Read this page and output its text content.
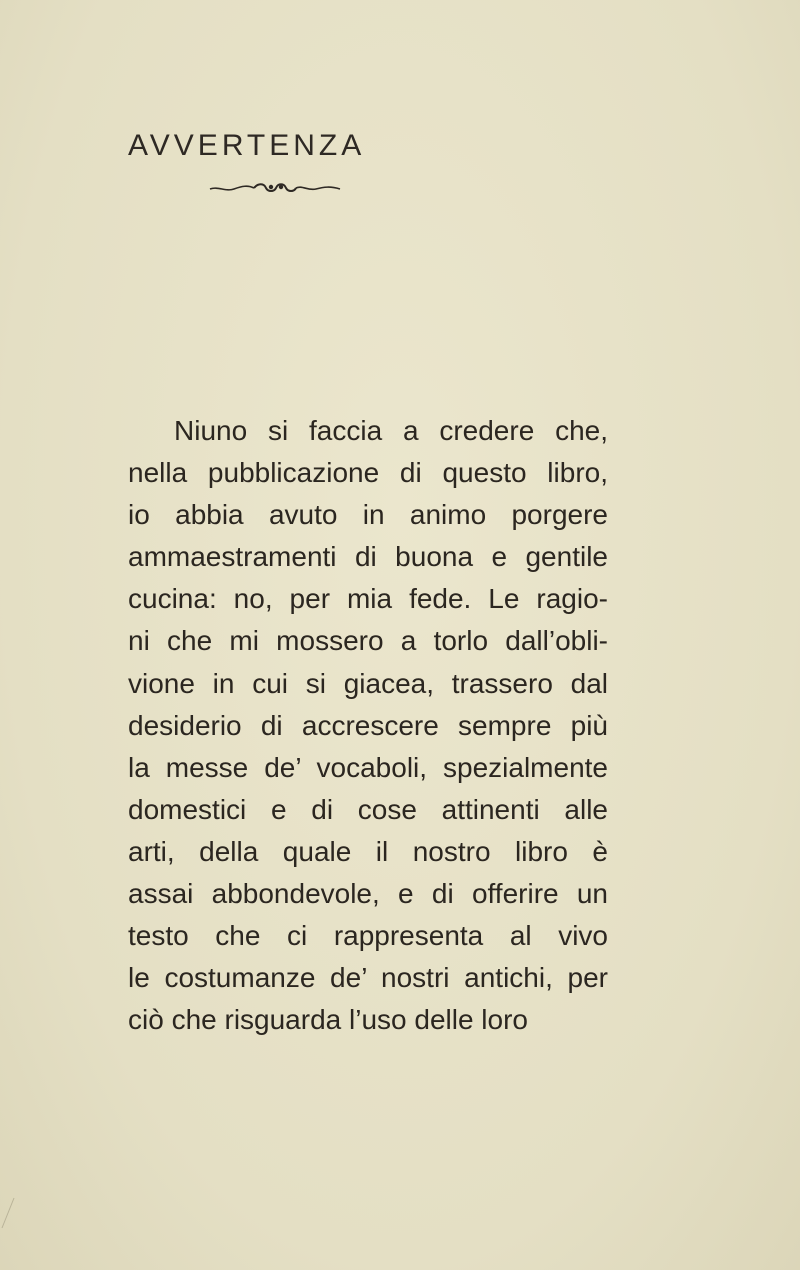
AVVERTENZA
Niuno si faccia a credere che,
nella pubblicazione di questo libro,
io abbia avuto in animo porgere
ammaestramenti di buona e gentile
cucina: no, per mia fede. Le ragio-
ni che mi mossero a torlo dall’obli-
vione in cui si giacea, trassero dal
desiderio di accrescere sempre più
la messe de’ vocaboli, spezialmente
domestici e di cose attinenti alle
arti, della quale il nostro libro è
assai abbondevole, e di offerire un
testo che ci rappresenta al vivo
le costumanze de’ nostri antichi, per
ciò che risguarda l’uso delle loro
